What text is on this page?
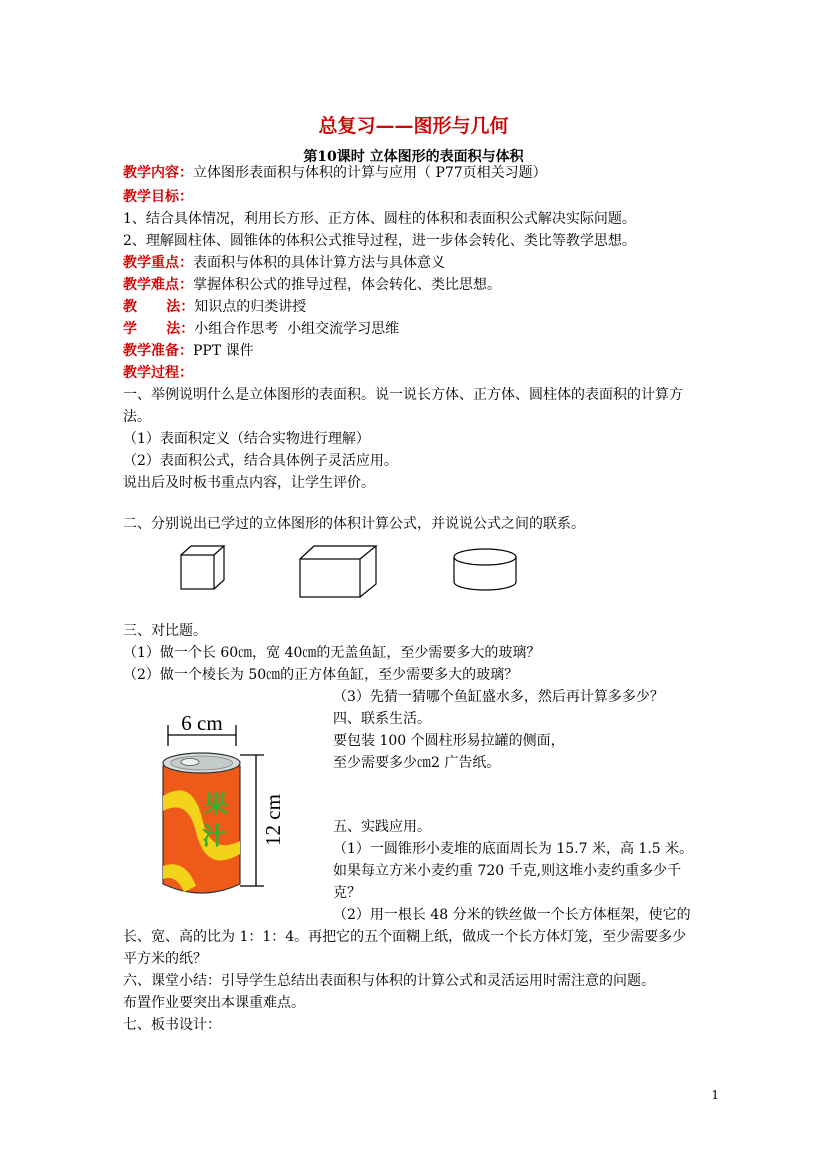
总复习——图形与几何
第10课时 立体图形的表面积与体积
教学内容：立体图形表面积与体积的计算与应用（ P77页相关习题）
教学目标：
1、结合具体情况，利用长方形、正方体、圆柱的体积和表面积公式解决实际问题。
2、理解圆柱体、圆锥体的体积公式推导过程，进一步体会转化、类比等教学思想。
教学重点：表面积与体积的具体计算方法与具体意义
教学难点：掌握体积公式的推导过程，体会转化、类比思想。
教      法：知识点的归类讲授
学      法：小组合作思考  小组交流学习思维
教学准备：PPT 课件
教学过程：
一、举例说明什么是立体图形的表面积。说一说长方体、正方体、圆柱体的表面积的计算方
法。
（1）表面积定义（结合实物进行理解）
（2）表面积公式，结合具体例子灵活应用。
说出后及时板书重点内容，让学生评价。
二、分别说出已学过的立体图形的体积计算公式，并说说公式之间的联系。
三、对比题。
（1）做一个长 60㎝，宽 40㎝的无盖鱼缸，至少需要多大的玻璃？
（2）做一个棱长为 50㎝的正方体鱼缸，至少需要多大的玻璃？
（3）先猜一猜哪个鱼缸盛水多，然后再计算多多少？
四、联系生活。
要包装 100 个圆柱形易拉罐的侧面，
至少需要多少㎝2 广告纸。
6 cm
12 cm
果
汁	五、实践应用。
（1）一圆锥形小麦堆的底面周长为 15.7 米，高 1.5 米。
如果每立方米小麦约重 720 千克,则这堆小麦约重多少千
克？
（2）用一根长 48 分米的铁丝做一个长方体框架，使它的
长、宽、高的比为 1：1：4。再把它的五个面糊上纸，做成一个长方体灯笼，至少需要多少
平方米的纸？
六、课堂小结：引导学生总结出表面积与体积的计算公式和灵活运用时需注意的问题。
布置作业要突出本课重难点。
七、板书设计：
1
